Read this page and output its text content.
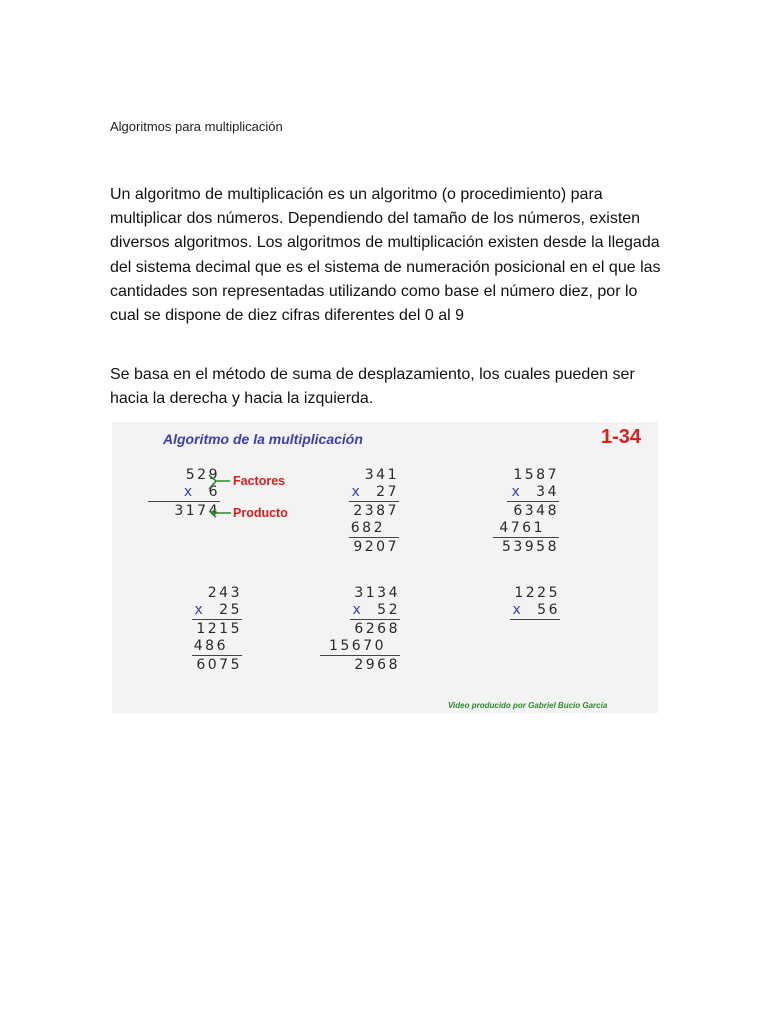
Algoritmos para multiplicación
Un algoritmo de multiplicación es un algoritmo (o procedimiento) para multiplicar dos números. Dependiendo del tamaño de los números, existen diversos algoritmos. Los algoritmos de multiplicación existen desde la llegada del sistema decimal que es el sistema de numeración posicional en el que las cantidades son representadas utilizando como base el número diez, por lo cual se dispone de diez cifras diferentes del 0 al 9
Se basa en el método de suma de desplazamiento, los cuales pueden ser hacia la derecha y hacia la izquierda.
Algoritmo de la multiplicación	1-34
529
x 6
3174
Factores
Producto
341
x 27
2387
682
9207
1587
x 34
6348
4761
53958
243
x 25
1215
486
6075
3134
x 52
6268
15670
2968
1225
x 56
Video producido por Gabriel Bucio García
